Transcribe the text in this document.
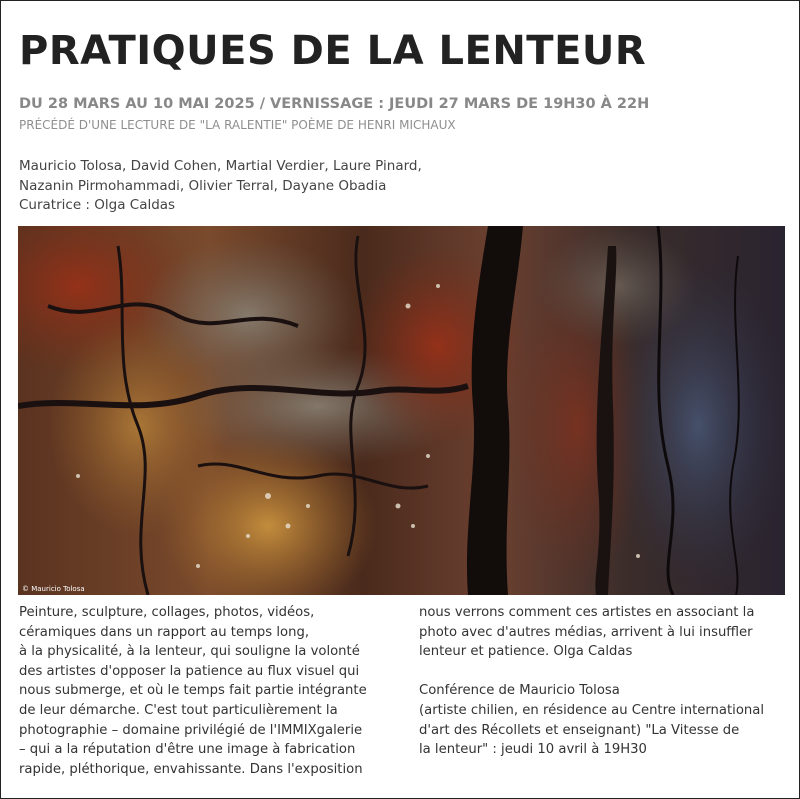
PRATIQUES DE LA LENTEUR
DU 28 MARS AU 10 MAI 2025 / VERNISSAGE : JEUDI 27 MARS DE 19H30 À 22H
PRÉCÉDÉ D'UNE LECTURE DE "LA RALENTIE" POÈME DE HENRI MICHAUX
Mauricio Tolosa, David Cohen, Martial Verdier, Laure Pinard,
Nazanin Pirmohammadi, Olivier Terral, Dayane Obadia
Curatrice : Olga Caldas
© Mauricio Tolosa
Peinture, sculpture, collages, photos, vidéos,
céramiques dans un rapport au temps long,
à la physicalité, à la lenteur, qui souligne la volonté
des artistes d'opposer la patience au flux visuel qui
nous submerge, et où le temps fait partie intégrante
de leur démarche. C'est tout particulièrement la
photographie – domaine privilégié de l'IMMIXgalerie
– qui a la réputation d'être une image à fabrication
rapide, pléthorique, envahissante. Dans l'exposition
nous verrons comment ces artistes en associant la
photo avec d'autres médias, arrivent à lui insuffler
lenteur et patience. Olga Caldas
Conférence de Mauricio Tolosa
(artiste chilien, en résidence au Centre international
d'art des Récollets et enseignant) "La Vitesse de
la lenteur" : jeudi 10 avril à 19H30
